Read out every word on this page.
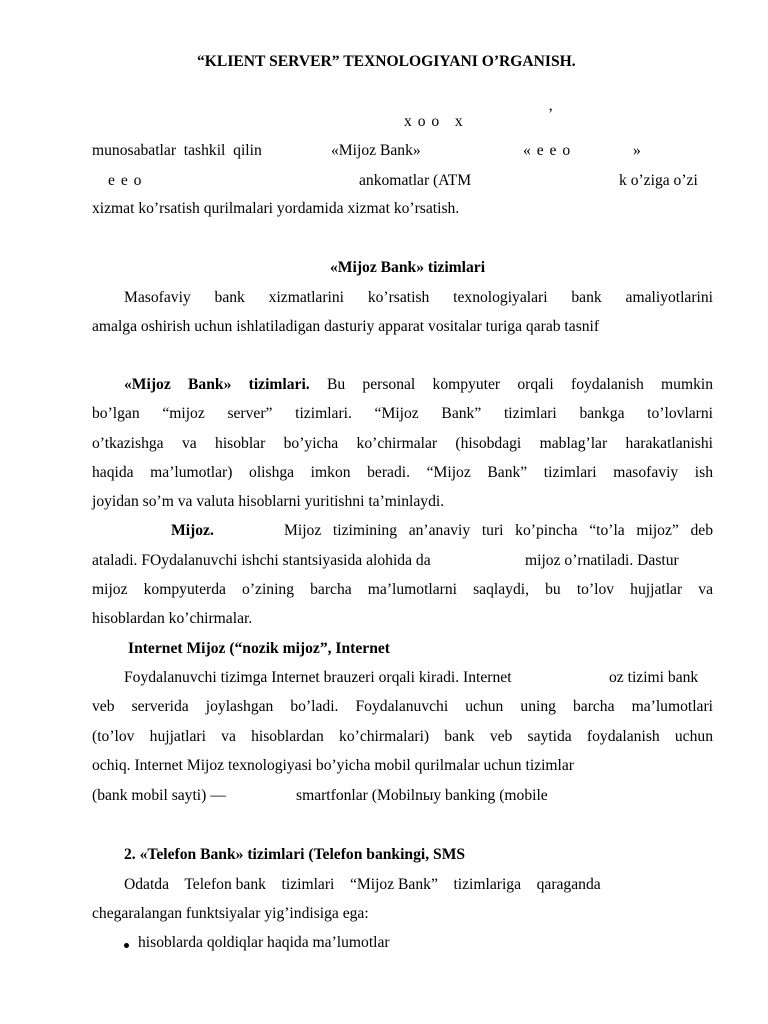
“KLIENT SERVER” TEXNOLOGIYANI O’RGANISH.
x o o   x	’
munosabatlar  tashkil  qilin	«Mijoz Bank»	« e e o	»
e e o	ankomatlar (ATM	k o’ziga o’zi
xizmat ko’rsatish qurilmalari yordamida xizmat ko’rsatish.
«Mijoz Bank» tizimlari
Masofaviy bank xizmatlarini ko’rsatish texnologiyalari bank amaliyotlarini
amalga oshirish uchun ishlatiladigan dasturiy apparat vositalar turiga qarab tasnif
«Mijoz Bank» tizimlari. Bu personal kompyuter orqali foydalanish mumkin
bo’lgan “mijoz server” tizimlari. “Mijoz Bank” tizimlari bankga to’lovlarni
o’tkazishga va hisoblar bo’yicha ko’chirmalar (hisobdagi mablag’lar harakatlanishi
haqida ma’lumotlar) olishga imkon beradi. “Mijoz Bank” tizimlari masofaviy ish
joyidan so’m va valuta hisoblarni yuritishni ta’minlaydi.
Mijoz.	Mijoz tizimining an’anaviy turi ko’pincha “to’la mijoz” deb
ataladi. FOydalanuvchi ishchi stantsiyasida alohida da	mijoz o’rnatiladi. Dastur
mijoz kompyuterda o’zining barcha ma’lumotlarni saqlaydi, bu to’lov hujjatlar va
hisoblardan ko’chirmalar.
Internet Mijoz (“nozik mijoz”, Internet
Foydalanuvchi tizimga Internet brauzeri orqali kiradi. Internet	oz tizimi bank
veb serverida joylashgan bo’ladi. Foydalanuvchi uchun uning barcha ma’lumotlari
(to’lov hujjatlari va hisoblardan ko’chirmalari) bank veb saytida foydalanish uchun
ochiq. Internet Mijoz texnologiyasi bo’yicha mobil qurilmalar uchun tizimlar
(bank mobil sayti) —	smartfonlar (Mobilnыy banking (mobile
2. «Telefon Bank» tizimlari (Telefon bankingi, SMS
Odatda    Telefon bank    tizimlari    “Mijoz Bank”    tizimlariga    qaraganda
chegaralangan funktsiyalar yig’indisiga ega:
hisoblarda qoldiqlar haqida ma’lumotlar
